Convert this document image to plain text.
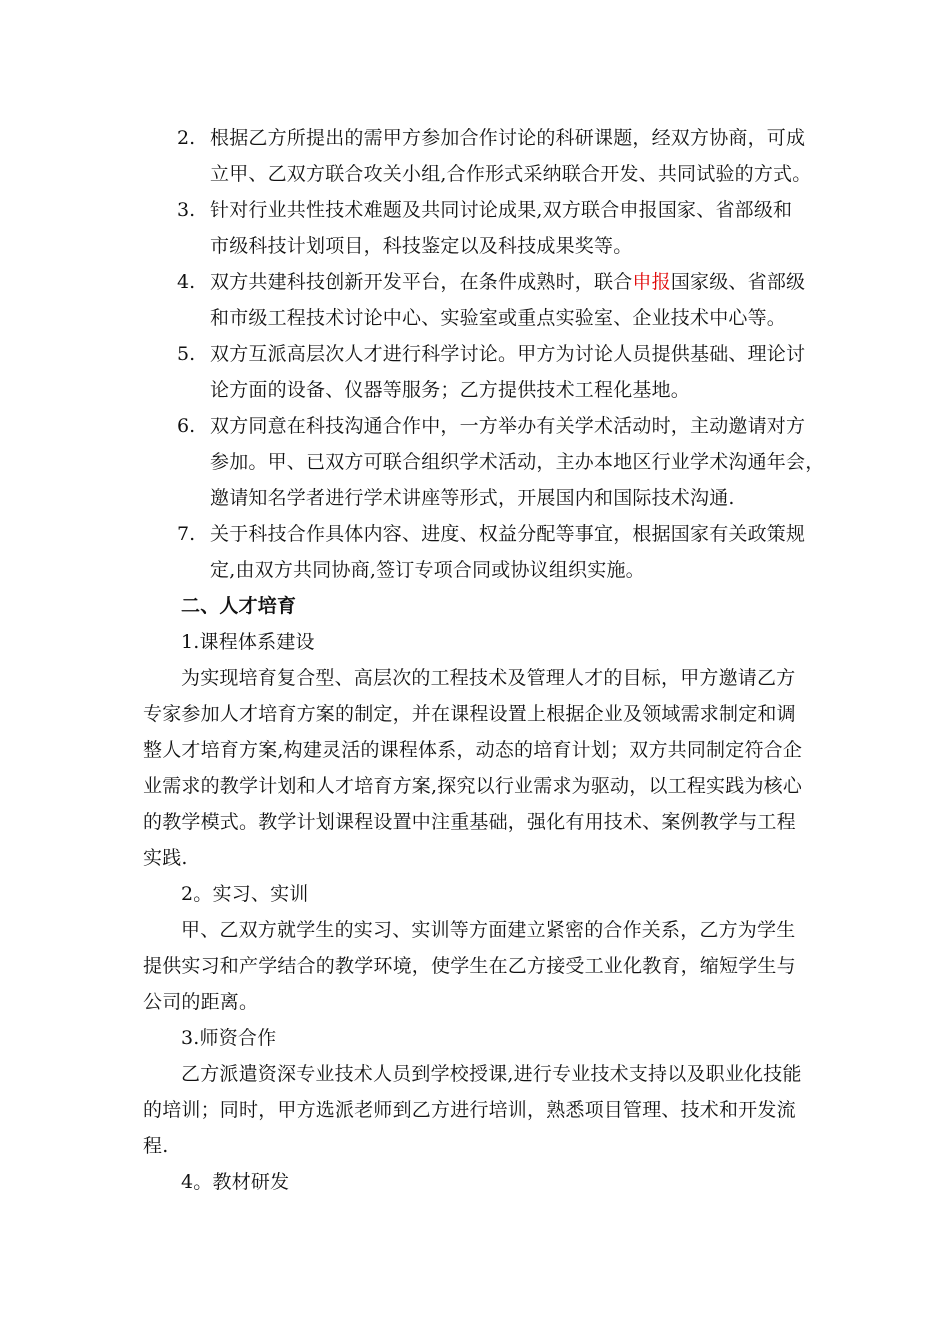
2. 根据乙方所提出的需甲方参加合作讨论的科研课题，经双方协商，可成
立甲、乙双方联合攻关小组,合作形式采纳联合开发、共同试验的方式。
3. 针对行业共性技术难题及共同讨论成果,双方联合申报国家、省部级和
市级科技计划项目，科技鉴定以及科技成果奖等。
4. 双方共建科技创新开发平台，在条件成熟时，联合申报国家级、省部级
和市级工程技术讨论中心、实验室或重点实验室、企业技术中心等。
5. 双方互派高层次人才进行科学讨论。甲方为讨论人员提供基础、理论讨
论方面的设备、仪器等服务；乙方提供技术工程化基地。
6. 双方同意在科技沟通合作中，一方举办有关学术活动时，主动邀请对方
参加。甲、已双方可联合组织学术活动，主办本地区行业学术沟通年会，
邀请知名学者进行学术讲座等形式，开展国内和国际技术沟通.
7. 关于科技合作具体内容、进度、权益分配等事宜，根据国家有关政策规
定,由双方共同协商,签订专项合同或协议组织实施。
二、人才培育
1.课程体系建设
为实现培育复合型、高层次的工程技术及管理人才的目标，甲方邀请乙方
专家参加人才培育方案的制定，并在课程设置上根据企业及领域需求制定和调
整人才培育方案,构建灵活的课程体系，动态的培育计划；双方共同制定符合企
业需求的教学计划和人才培育方案,探究以行业需求为驱动，以工程实践为核心
的教学模式。教学计划课程设置中注重基础，强化有用技术、案例教学与工程
实践.
2。实习、实训
甲、乙双方就学生的实习、实训等方面建立紧密的合作关系，乙方为学生
提供实习和产学结合的教学环境，使学生在乙方接受工业化教育，缩短学生与
公司的距离。
3.师资合作
乙方派遣资深专业技术人员到学校授课,进行专业技术支持以及职业化技能
的培训；同时，甲方选派老师到乙方进行培训，熟悉项目管理、技术和开发流
程.
4。教材研发
